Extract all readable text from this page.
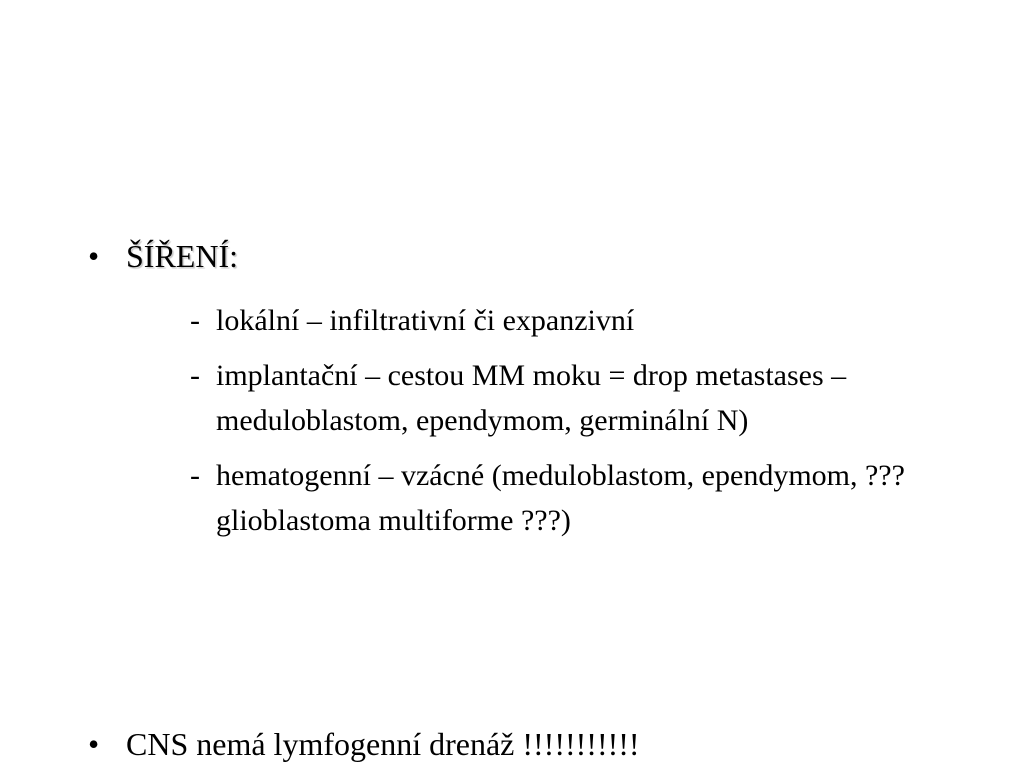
• ŠÍŘENÍ:
- lokální – infiltrativní či expanzivní
- implantační – cestou MM moku = drop metastases – meduloblastom, ependymom, germinální N)
- hematogenní – vzácné (meduloblastom, ependymom, ??? glioblastoma multiforme ???)
• CNS nemá lymfogenní drenáž !!!!!!!!!!!
